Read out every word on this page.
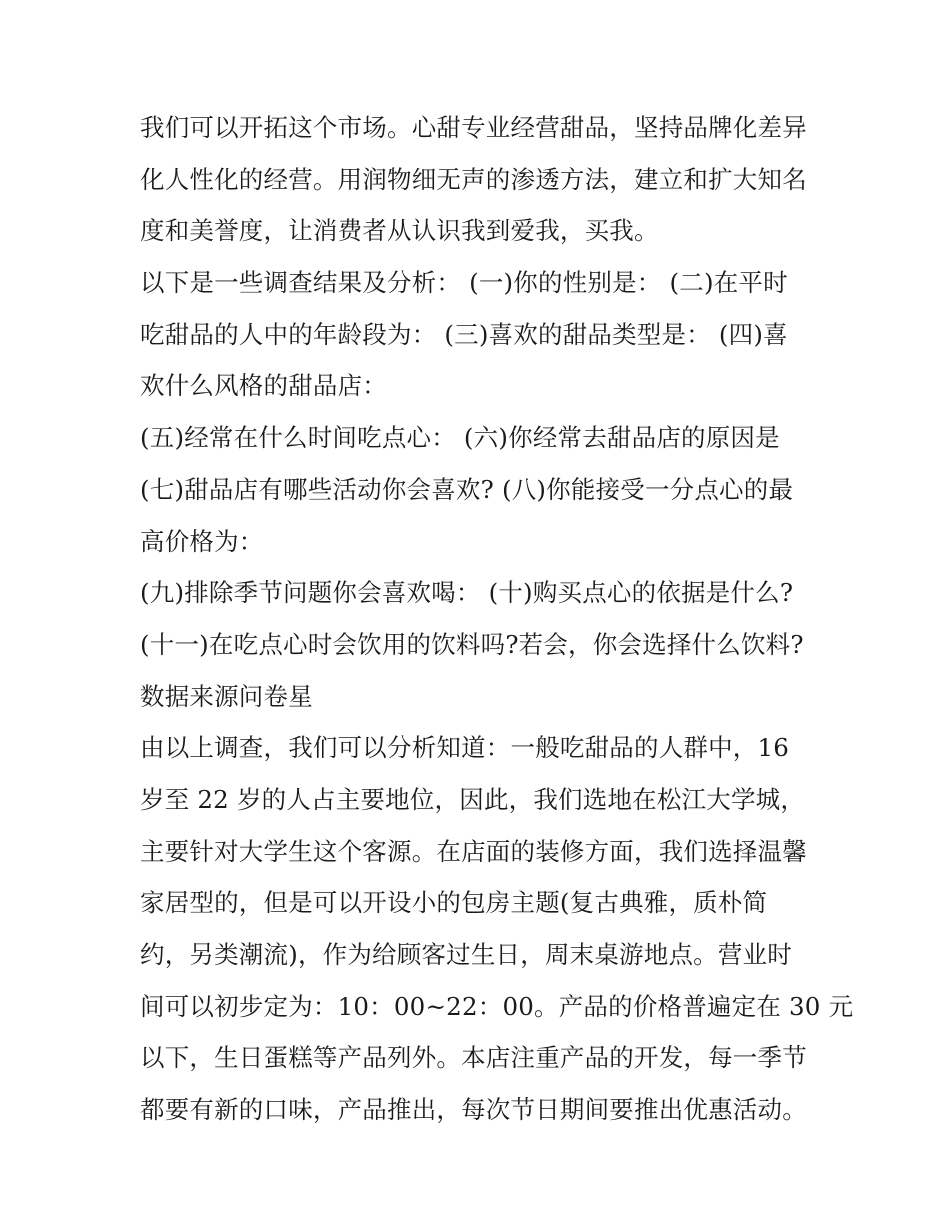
我们可以开拓这个市场。心甜专业经营甜品，坚持品牌化差异
化人性化的经营。用润物细无声的渗透方法，建立和扩大知名
度和美誉度，让消费者从认识我到爱我，买我。
以下是一些调查结果及分析： (一)你的性别是： (二)在平时
吃甜品的人中的年龄段为： (三)喜欢的甜品类型是： (四)喜
欢什么风格的甜品店：
(五)经常在什么时间吃点心： (六)你经常去甜品店的原因是
(七)甜品店有哪些活动你会喜欢? (八)你能接受一分点心的最
高价格为：
(九)排除季节问题你会喜欢喝： (十)购买点心的依据是什么?
(十一)在吃点心时会饮用的饮料吗?若会，你会选择什么饮料?
数据来源问卷星
由以上调查，我们可以分析知道：一般吃甜品的人群中，16
岁至 22 岁的人占主要地位，因此，我们选地在松江大学城，
主要针对大学生这个客源。在店面的装修方面，我们选择温馨
家居型的，但是可以开设小的包房主题(复古典雅，质朴简
约，另类潮流)，作为给顾客过生日，周末桌游地点。营业时
间可以初步定为：10：00~22：00。产品的价格普遍定在 30 元
以下，生日蛋糕等产品列外。本店注重产品的开发，每一季节
都要有新的口味，产品推出，每次节日期间要推出优惠活动。
